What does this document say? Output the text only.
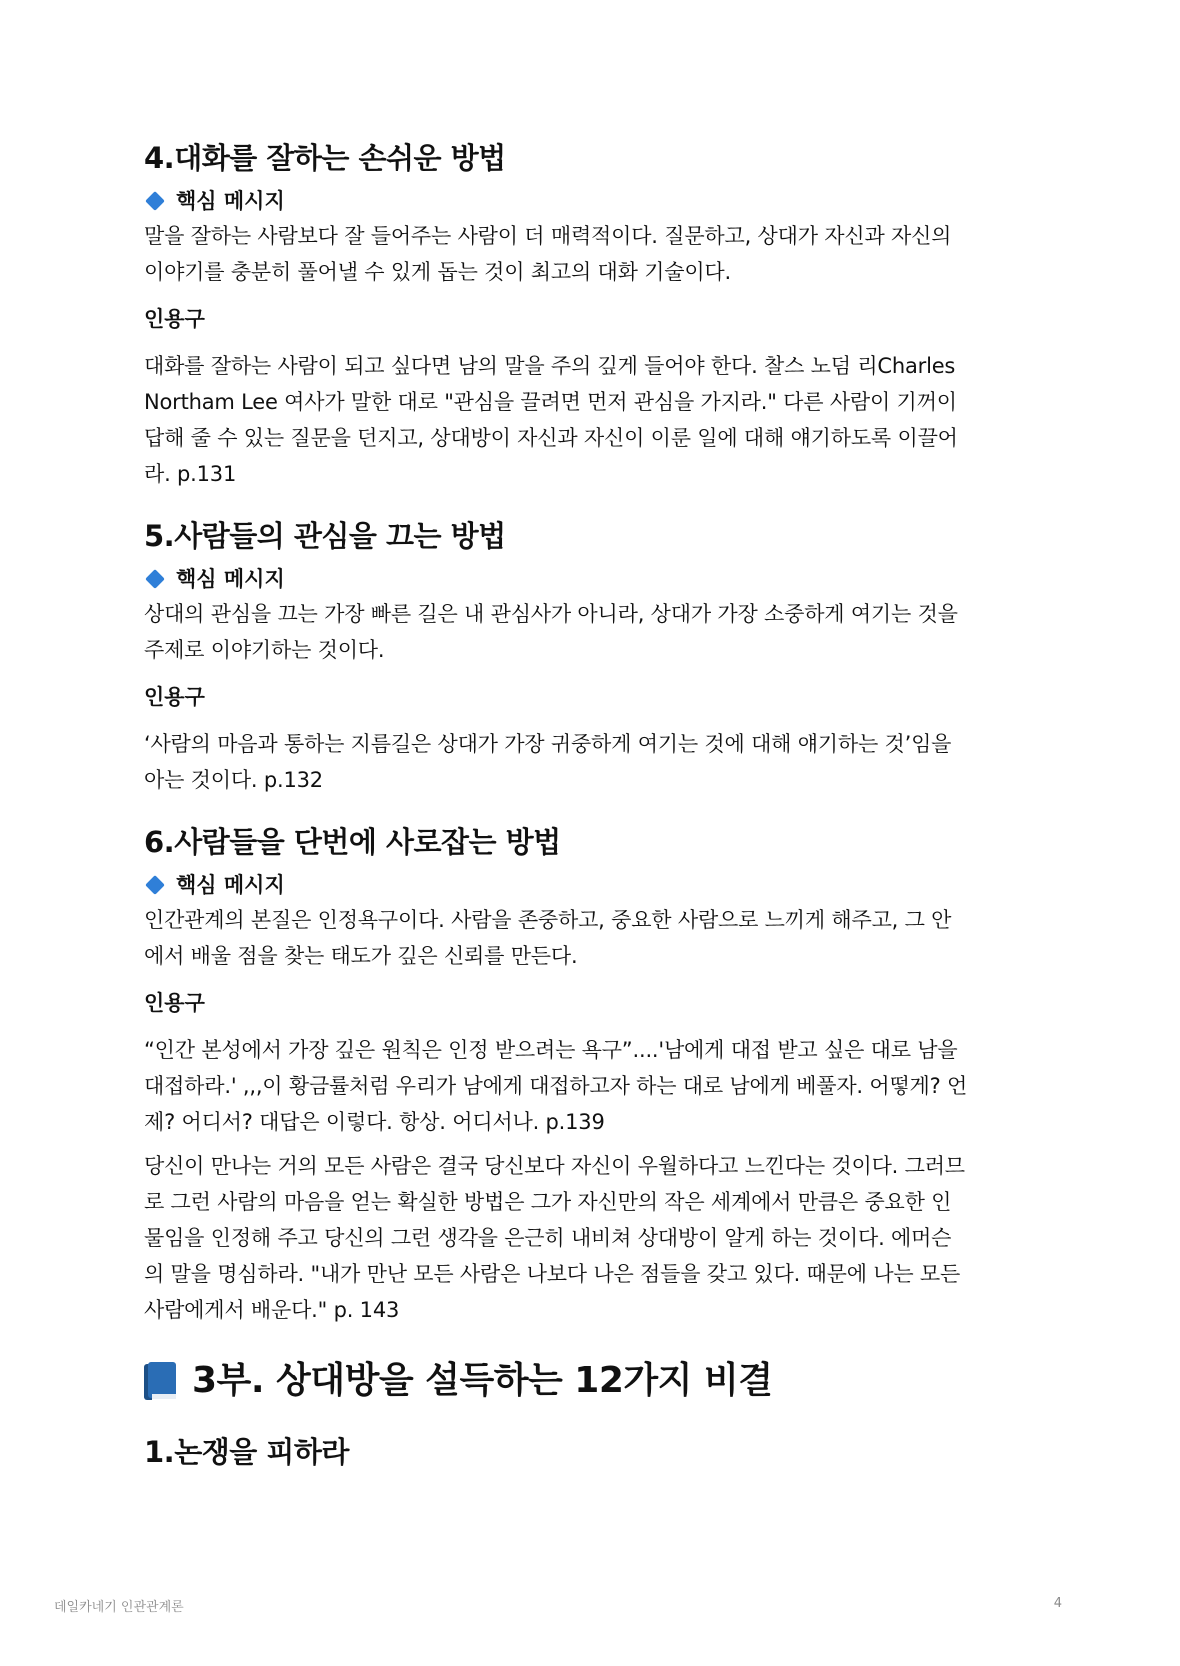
4.대화를 잘하는 손쉬운 방법
핵심 메시지

말을 잘하는 사람보다 잘 들어주는 사람이 더 매력적이다. 질문하고, 상대가 자신과 자신의
이야기를 충분히 풀어낼 수 있게 돕는 것이 최고의 대화 기술이다.

인용구

대화를 잘하는 사람이 되고 싶다면 남의 말을 주의 깊게 들어야 한다. 찰스 노덤 리Charles
Northam Lee 여사가 말한 대로 "관심을 끌려면 먼저 관심을 가지라." 다른 사람이 기꺼이
답해 줄 수 있는 질문을 던지고, 상대방이 자신과 자신이 이룬 일에 대해 얘기하도록 이끌어
라. p.131

5.사람들의 관심을 끄는 방법
핵심 메시지

상대의 관심을 끄는 가장 빠른 길은 내 관심사가 아니라, 상대가 가장 소중하게 여기는 것을
주제로 이야기하는 것이다.

인용구

‘사람의 마음과 통하는 지름길은 상대가 가장 귀중하게 여기는 것에 대해 얘기하는 것’임을
아는 것이다. p.132

6.사람들을 단번에 사로잡는 방법
핵심 메시지

인간관계의 본질은 인정욕구이다. 사람을 존중하고, 중요한 사람으로 느끼게 해주고, 그 안
에서 배울 점을 찾는 태도가 깊은 신뢰를 만든다.

인용구

“인간 본성에서 가장 깊은 원칙은 인정 받으려는 욕구”....'남에게 대접 받고 싶은 대로 남을
대접하라.' ,,,이 황금률처럼 우리가 남에게 대접하고자 하는 대로 남에게 베풀자. 어떻게? 언
제? 어디서? 대답은 이렇다. 항상. 어디서나. p.139

당신이 만나는 거의 모든 사람은 결국 당신보다 자신이 우월하다고 느낀다는 것이다. 그러므
로 그런 사람의 마음을 얻는 확실한 방법은 그가 자신만의 작은 세계에서 만큼은 중요한 인
물임을 인정해 주고 당신의 그런 생각을 은근히 내비쳐 상대방이 알게 하는 것이다. 에머슨
의 말을 명심하라. "내가 만난 모든 사람은 나보다 나은 점들을 갖고 있다. 때문에 나는 모든
사람에게서 배운다." p. 143

3부. 상대방을 설득하는 12가지 비결
1.논쟁을 피하라
데일카네기 인관관계론	4
